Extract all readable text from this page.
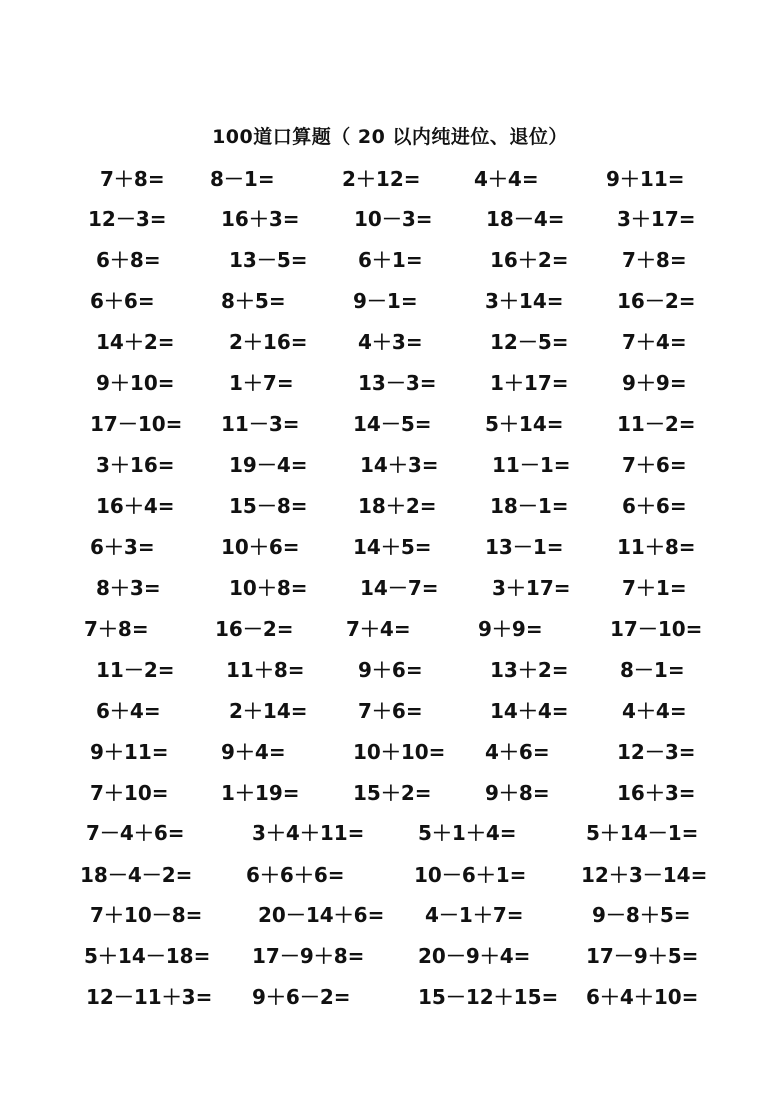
100道口算题（ 20 以内纯进位、退位）
7＋8= 8－1=	2＋12=	4＋4=	9＋11=
12－3=	16＋3=	10－3=	18－4=	3＋17=
6＋8=	13－5=	6＋1=	16＋2=	7＋8=
6＋6=	8＋5=	9－1=	3＋14=	16－2=
14＋2=	2＋16=	4＋3=	12－5=	7＋4=
9＋10=	1＋7=	13－3=	1＋17=	9＋9=
17－10= 11－3=	14－5=	5＋14=	11－2=
3＋16=	19－4=	14＋3=	11－1=	7＋6=
16＋4=	15－8=	18＋2=	18－1=	6＋6=
6＋3=	10＋6=	14＋5=	13－1=	11＋8=
8＋3=	10＋8=	14－7=	3＋17=	7＋1=
7＋8=	16－2=	7＋4=	9＋9=	17－10=
11－2=	11＋8=	9＋6=	13＋2=	8－1=
6＋4=	2＋14=	7＋6=	14＋4=	4＋4=
9＋11=	9＋4=	10＋10= 4＋6=	12－3=
7＋10=	1＋19=	15＋2=	9＋8=	16＋3=
7－4＋6=	3＋4＋11=	5＋1＋4=	5＋14－1=
18－4－2=	6＋6＋6=	10－6＋1=	12＋3－14=
7＋10－8=	20－14＋6= 4－1＋7=	9－8＋5=
5＋14－18= 17－9＋8=	20－9＋4=	17－9＋5=
12－11＋3= 9＋6－2=	15－12＋15= 6＋4＋10=
